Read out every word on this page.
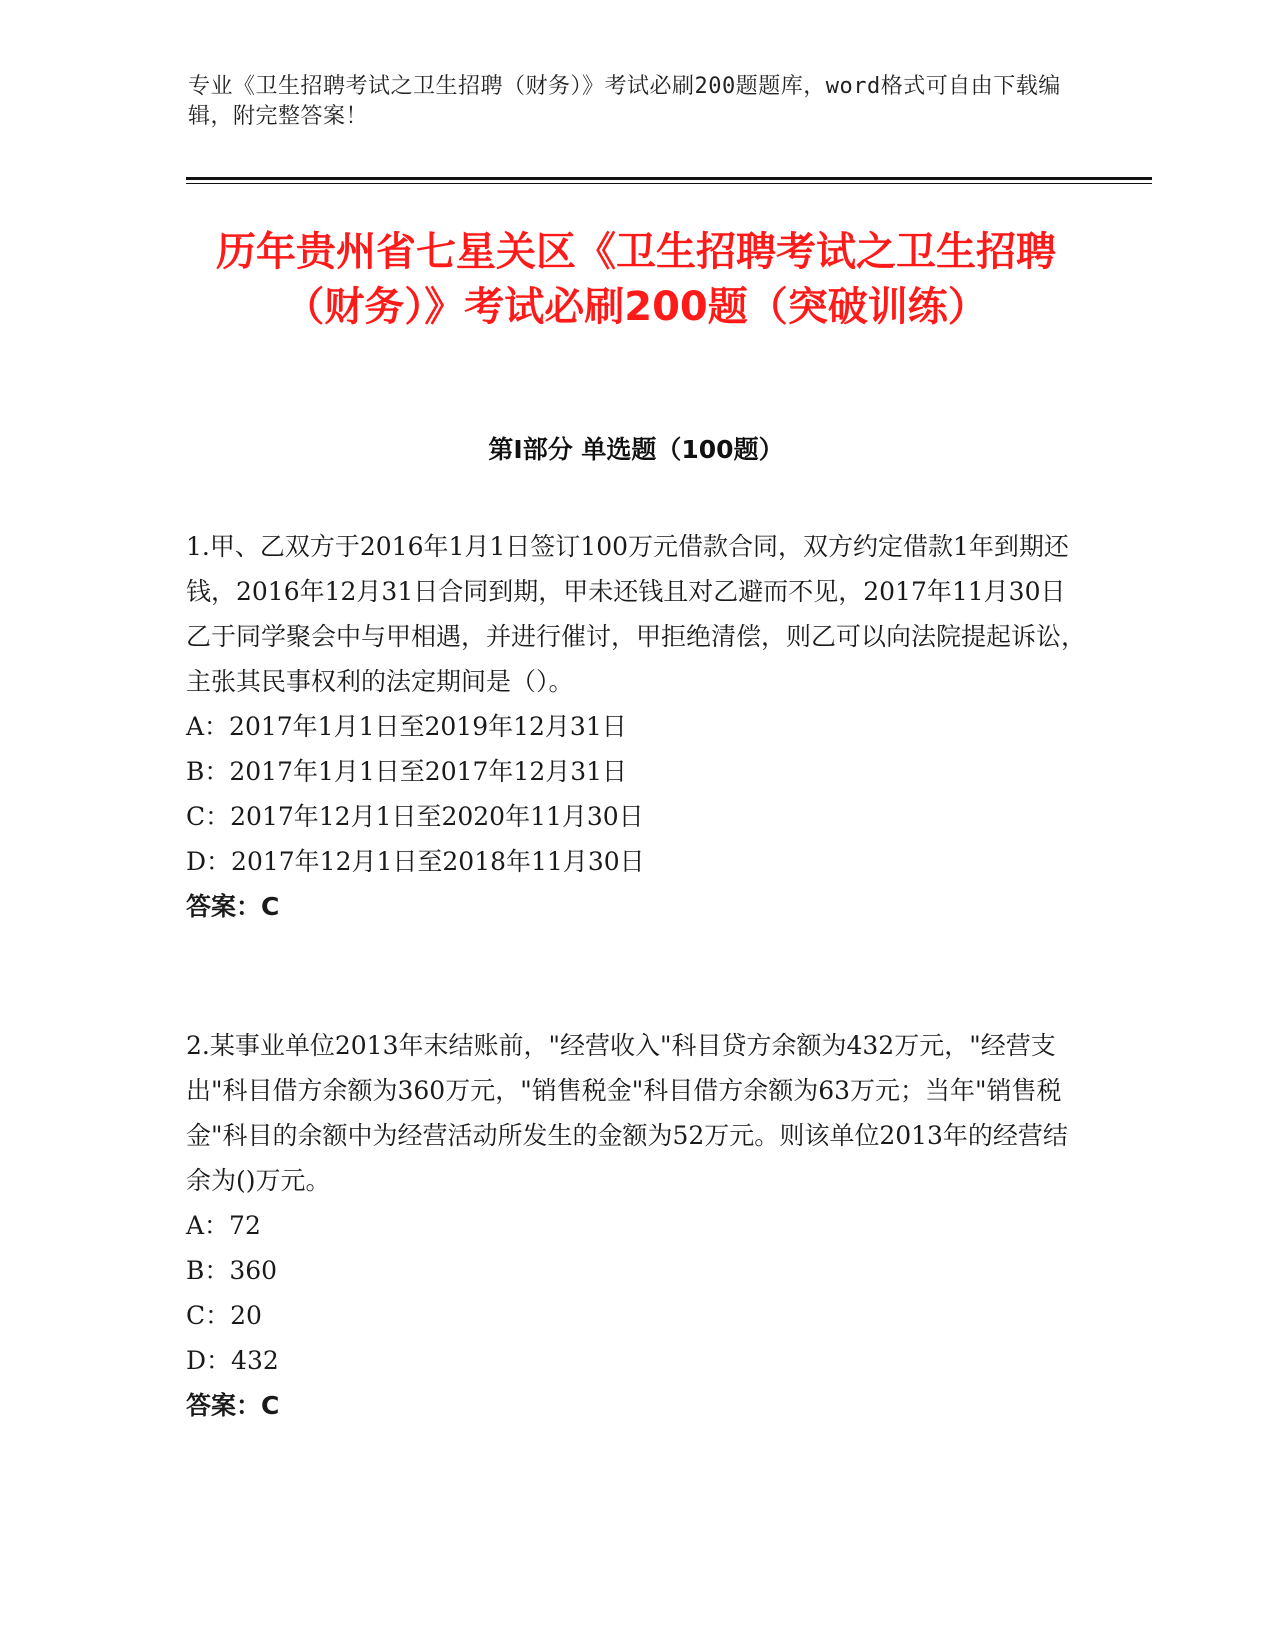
专业《卫生招聘考试之卫生招聘（财务）》考试必刷200题题库，word格式可自由下载编辑，附完整答案！
历年贵州省七星关区《卫生招聘考试之卫生招聘（财务）》考试必刷200题（突破训练）
第Ⅰ部分 单选题（100题）

1.甲、乙双方于2016年1月1日签订100万元借款合同，双方约定借款1年到期还钱，2016年12月31日合同到期，甲未还钱且对乙避而不见，2017年11月30日乙于同学聚会中与甲相遇，并进行催讨，甲拒绝清偿，则乙可以向法院提起诉讼，主张其民事权利的法定期间是（）。

A：2017年1月1日至2019年12月31日

B：2017年1月1日至2017年12月31日

C：2017年12月1日至2020年11月30日

D：2017年12月1日至2018年11月30日

答案：C

2.某事业单位2013年末结账前，"经营收入"科目贷方余额为432万元，"经营支出"科目借方余额为360万元，"销售税金"科目借方余额为63万元；当年"销售税金"科目的余额中为经营活动所发生的金额为52万元。则该单位2013年的经营结余为()万元。

A：72

B：360

C：20

D：432

答案：C
